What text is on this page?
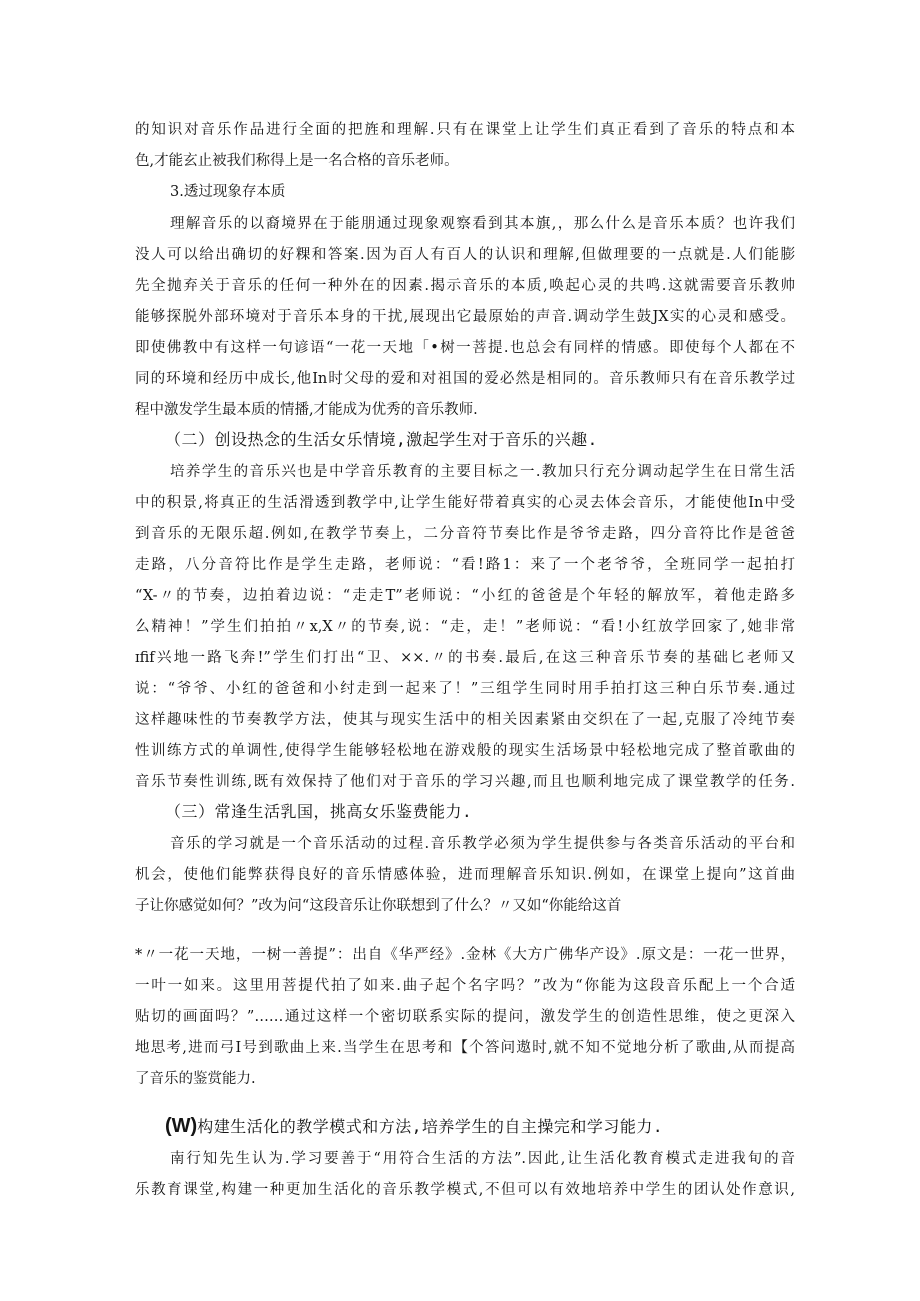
的知识对音乐作品进行全面的把旌和理解.只有在课堂上让学生们真正看到了音乐的特点和本
色,才能玄止被我们称得上是一名合格的音乐老师。
3.透过现象存本质
理解音乐的以裔境界在于能朋通过现象观察看到其本旗,，那么什么是音乐本质？也许我们
没人可以给出确切的好粿和答案.因为百人有百人的认识和理解,但做理要的一点就是.人们能膨
先全抛弃关于音乐的任何一种外在的因素.揭示音乐的本质,唤起心灵的共鸣.这就需要音乐教帅
能够探脱外部环境对于音乐本身的干扰,展现出它最原始的声音.调动学生鼓JX实的心灵和感受。
即使佛教中有这样一句谚语“一花一天地「•树一菩提.也总会有同样的情感。即使每个人都在不
同的环境和经历中成长,他In时父母的爱和对祖国的爱必然是相同的。音乐教师只有在音乐教学过
程中激发学生最本质的情播,才能成为优秀的音乐教师.
（二）创设热念的生活女乐情境,激起学生对于音乐的兴趣.
培养学生的音乐兴也是中学音乐教育的主要目标之一.教加只行充分调动起学生在日常生活
中的积景,将真正的生活滑透到教学中,让学生能好带着真实的心灵去体会音乐，才能使他In中受
到音乐的无限乐超.例如,在教学节奏上，二分音符节奏比作是爷爷走路，四分音符比作是爸爸
走路，八分音符比作是学生走路，老师说：“看!路1：来了一个老爷爷，全班同学一起拍打
“X-〃的节奏，边拍着边说：“走走T”老师说：“小红的爸爸是个年轻的解放军，着他走路多
么精神！”学生们拍拍〃x,X〃的节奏,说：“走，走！”老师说：“看!小红放学回家了,她非常
ɪfif兴地一路飞奔!”学生们打出“卫、××.〃的书奏.最后,在这三种音乐节奏的基础匕老师又
说：“爷爷、小红的爸爸和小纣走到一起来了！”三组学生同时用手拍打这三种白乐节奏.通过
这样趣味性的节奏教学方法，使其与现实生活中的相关因素紧由交织在了一起,克服了冷纯节奏
性训练方式的单调性,使得学生能够轻松地在游戏般的现实生活场景中轻松地完成了整首歌曲的
音乐节奏性训练,既有效保持了他们对于音乐的学习兴趣,而且也顺利地完成了课堂教学的任务.
（三）常逢生活乳国，挑高女乐鉴费能力.
音乐的学习就是一个音乐活动的过程.音乐教学必须为学生提供参与各类音乐活动的平台和
机会，使他们能弊获得良好的音乐情感体验，进而理解音乐知识.例如，在课堂上提向”这首曲
子让你感觉如何？”改为问“这段音乐让你联想到了什么？〃又如“你能给这首
*〃一花一天地，一树一善提”：出自《华严经》.金林《大方广佛华产设》.原文是：一花一世界，
一叶一如来。这里用菩提代拍了如来.曲子起个名字吗？”改为“你能为这段音乐配上一个合适
贴切的画面吗？”……通过这样一个密切联系实际的提问，激发学生的创造性思维，使之更深入
地思考,进而弓I号到歌曲上来.当学生在思考和【个答问遨时,就不知不觉地分析了歌曲,从而提高
了音乐的鉴赏能力.
(W)构建生活化的教学模式和方法,培养学生的自主操完和学习能力.
南行知先生认为.学习要善于“用符合生活的方法”.因此,让生活化教育模式走进我旬的音
乐教育课堂,构建一种更加生活化的音乐教学模式,不但可以有效地培养中学生的团认处作意识,
